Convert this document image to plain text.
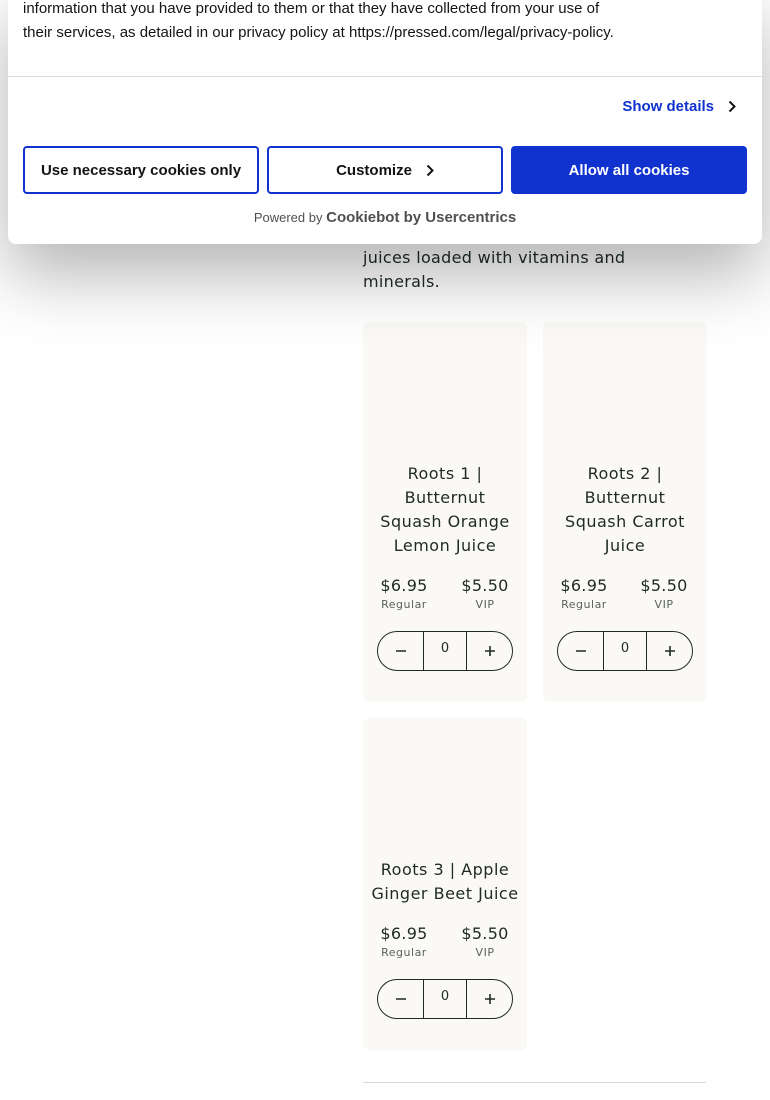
juices loaded with vitamins and minerals.
Roots 1 | Butternut Squash Orange Lemon Juice
$6.95
Regular
$5.50
VIP
0
Roots 2 | Butternut Squash Carrot Juice
$6.95
Regular
$5.50
VIP
0
Roots 3 | Apple Ginger Beet Juice
$6.95
Regular
$5.50
VIP
0
information that you have provided to them or that they have collected from your use of
their services, as detailed in our privacy policy at https://pressed.com/legal/privacy-policy.
Show details
Use necessary cookies only	Customize	Allow all cookies
Powered by Cookiebot by Usercentrics
